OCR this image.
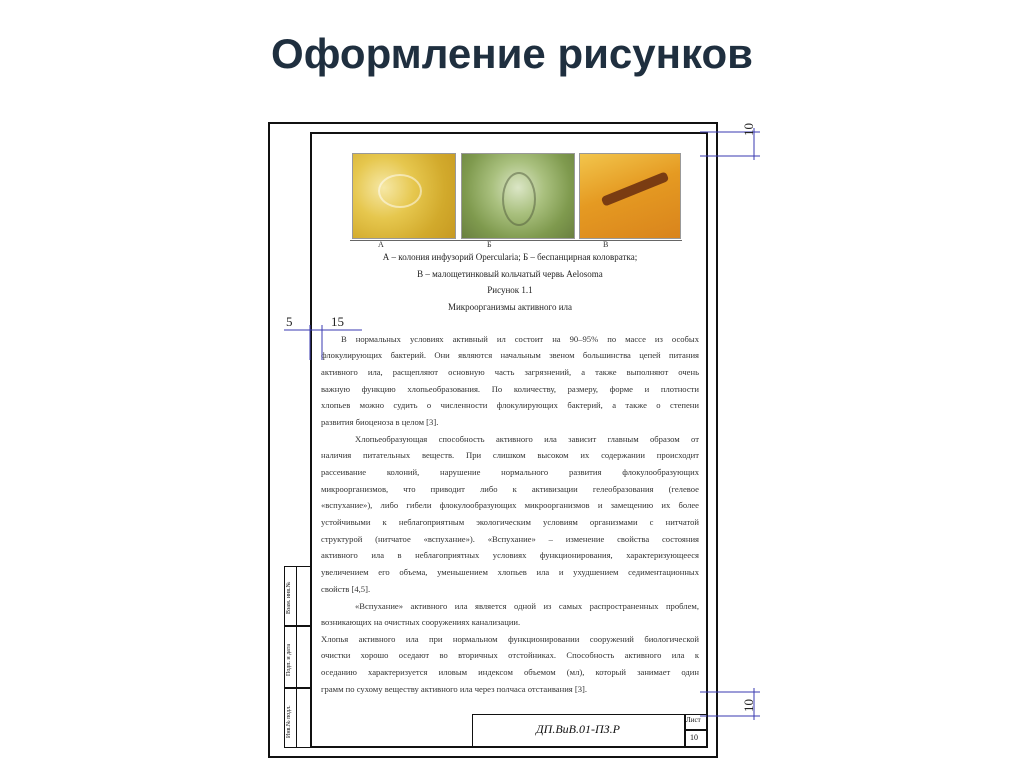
Оформление рисунков
А	Б	В
А – колония инфузорий Opercularia; Б – беспанцирная коловратка;
В – малощетинковый кольчатый червь Aelosoma
Рисунок 1.1
Микроорганизмы активного ила
В нормальных условиях активный ил состоит на 90–95% по массе из особых
флокулирующих бактерий. Они являются начальным звеном большинства цепей питания
активного ила, расщепляют основную часть загрязнений, а также выполняют очень
важную функцию хлопьеобразования. По количеству, размеру, форме и плотности
хлопьев можно судить о численности флокулирующих бактерий, а также о степени
развития биоценоза в целом [3].
Хлопьеобразующая способность активного ила зависит главным образом от
наличия питательных веществ. При слишком высоком их содержании происходит
рассеивание колоний, нарушение нормального развития флокулообразующих
микроорганизмов, что приводит либо к активизации гелеобразования (гелевое
«вспухание»), либо гибели флокулообразующих микроорганизмов и замещению их более
устойчивыми к неблагоприятным экологическим условиям организмами с нитчатой
структурой (нитчатое «вспухание»). «Вспухание» – изменение свойства состояния
активного ила в неблагоприятных условиях функционирования, характеризующееся
увеличением его объема, уменьшением хлопьев ила и ухудшением седиментационных
свойств [4,5].
«Вспухание» активного ила является одной из самых распространенных проблем,
возникающих на очистных сооружениях канализации.
Хлопья активного ила при нормальном функционировании сооружений биологической
очистки хорошо оседают во вторичных отстойниках. Способность активного ила к
оседанию характеризуется иловым индексом объемом (мл), который занимает один
грамм по сухому веществу активного ила через полчаса отстаивания [3].
10
10
5	15
Взам. инв.№
Подп. и дата
Инв.№ подл.	ДП.ВиВ.01-ПЗ.Р
Лист
10
